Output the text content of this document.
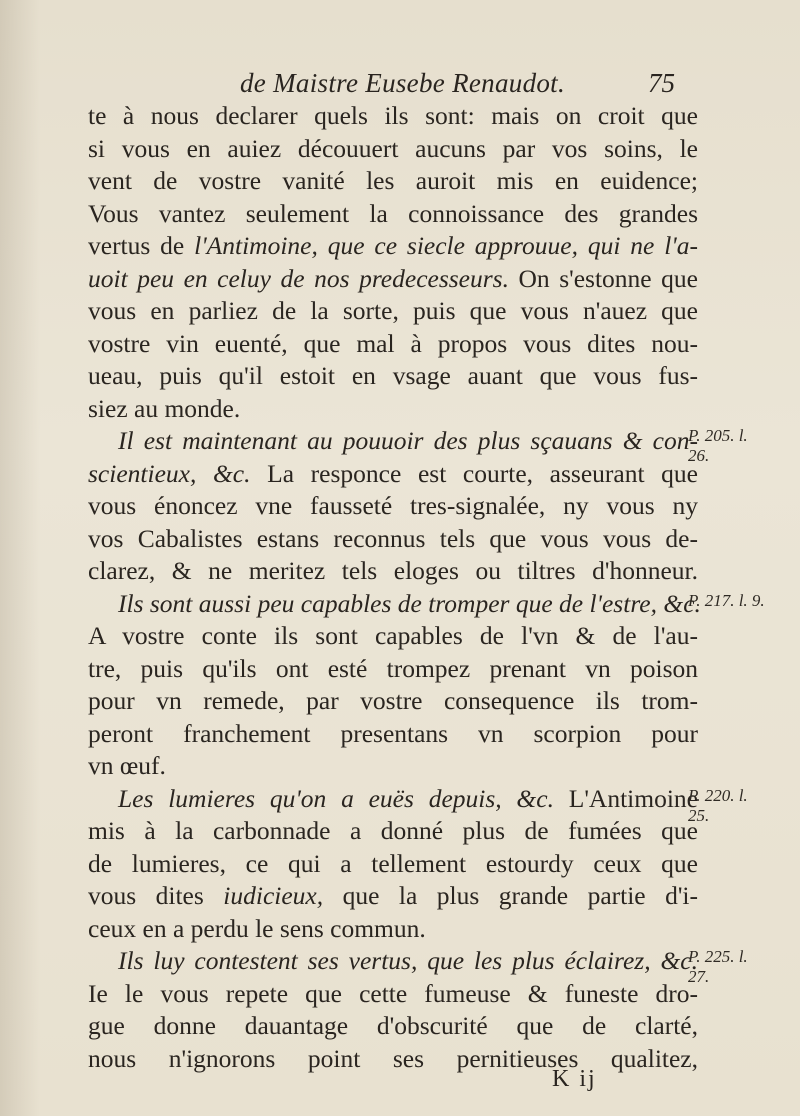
de Maistre Eusebe Renaudot.	75
te à nous declarer quels ils sont: mais on croit que
si vous en auiez découuert aucuns par vos soins, le
vent de vostre vanité les auroit mis en euidence;
Vous vantez seulement la connoissance des grandes
vertus de l'Antimoine, que ce siecle approuue, qui ne l'a-
uoit peu en celuy de nos predecesseurs. On s'estonne que
vous en parliez de la sorte, puis que vous n'auez que
vostre vin euenté, que mal à propos vous dites nou-
ueau, puis qu'il estoit en vsage auant que vous fus-
siez au monde.
Il est maintenant au pouuoir des plus sçauans & con-
scientieux, &c. La responce est courte, asseurant que
vous énoncez vne fausseté tres-signalée, ny vous ny
vos Cabalistes estans reconnus tels que vous vous de-
clarez, & ne meritez tels eloges ou tiltres d'honneur.
Ils sont aussi peu capables de tromper que de l'estre, &c.
A vostre conte ils sont capables de l'vn & de l'au-
tre, puis qu'ils ont esté trompez prenant vn poison
pour vn remede, par vostre consequence ils trom-
peront franchement presentans vn scorpion pour
vn œuf.
Les lumieres qu'on a euës depuis, &c. L'Antimoine
mis à la carbonnade a donné plus de fumées que
de lumieres, ce qui a tellement estourdy ceux que
vous dites iudicieux, que la plus grande partie d'i-
ceux en a perdu le sens commun.
Ils luy contestent ses vertus, que les plus éclairez, &c.
Ie le vous repete que cette fumeuse & funeste dro-
gue donne dauantage d'obscurité que de clarté,
nous n'ignorons point ses pernitieuses qualitez,
P. 205. l.
26.
P. 217. l. 9.
P. 220. l.
25.
P. 225. l.
27.
K ij
